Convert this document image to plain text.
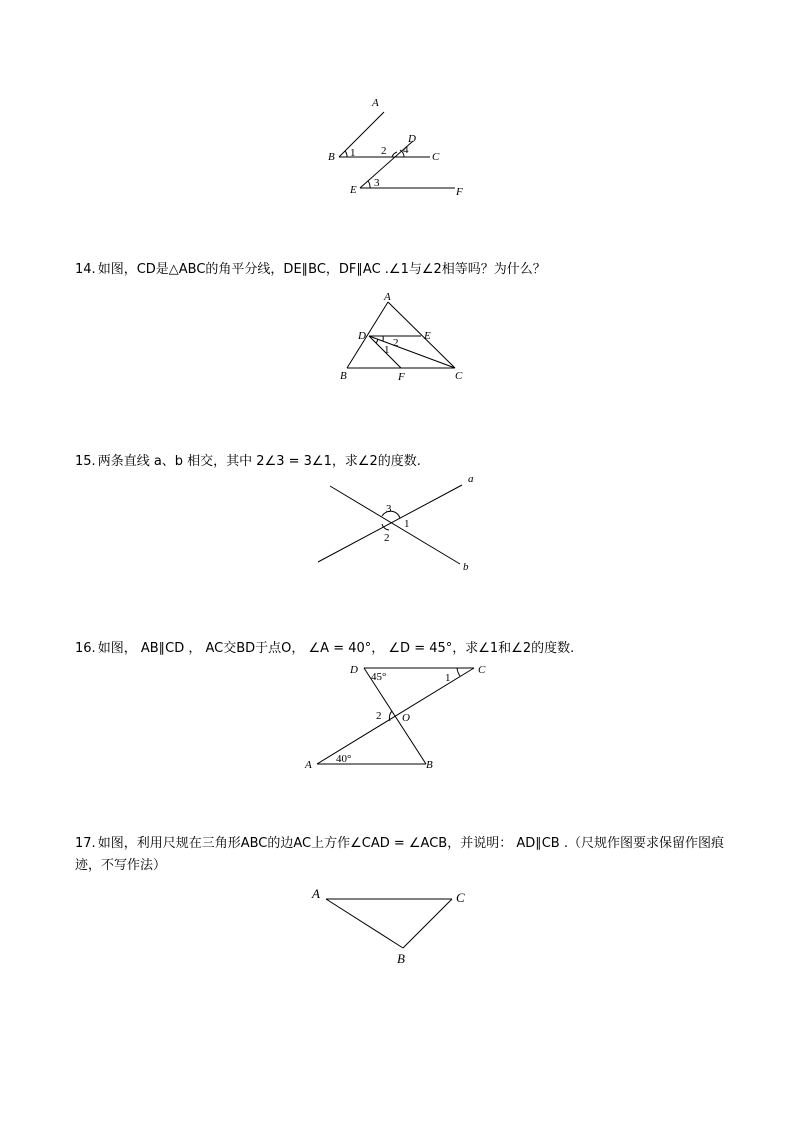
A
B	C
D
E	F
1 2
3
4
14. 如图，CD是△ABC的角平分线，DE∥BC，DF∥AC .∠1与∠2相等吗？为什么？
A
B	C
D	E
F
1
2
15. 两条直线 a、b 相交，其中 2∠3 = 3∠1，求∠2的度数.
3
1
2
a
b
16. 如图， AB∥CD ， AC交BD于点O， ∠A = 40°， ∠D = 45°，求∠1和∠2的度数.
D	C
A	B
O
45°	1
2
40°
17. 如图，利用尺规在三角形ABC的边AC上方作∠CAD = ∠ACB，并说明： AD∥CB .（尺规作图要求保留作图痕迹，不写作法）
A	C
B
